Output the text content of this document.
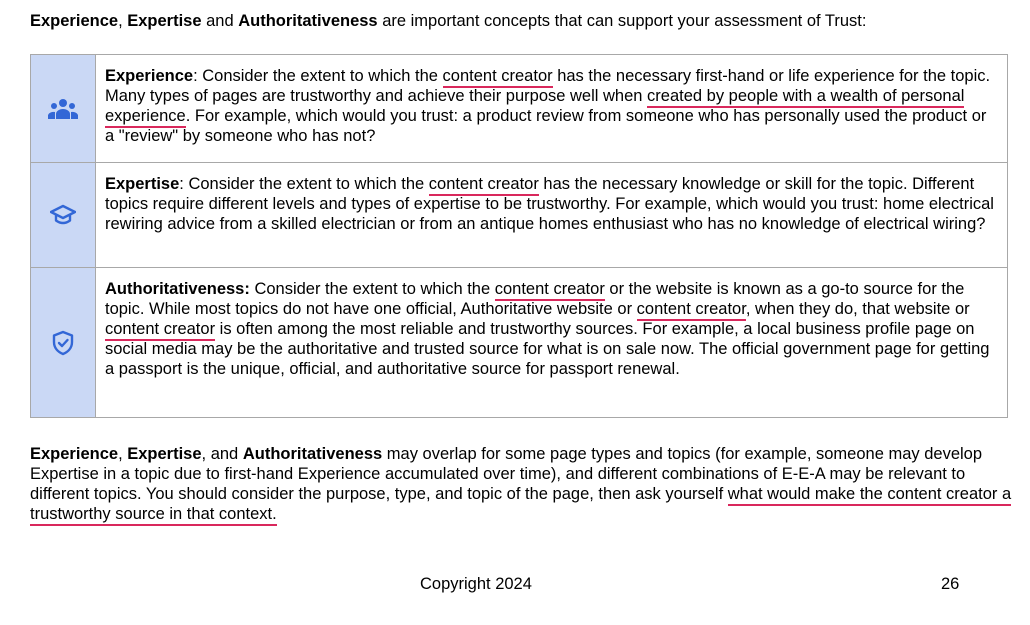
Experience, Expertise and Authoritativeness are important concepts that can support your assessment of Trust:

	Experience: Consider the extent to which the content creator has the necessary first-hand or life experience for the topic. Many types of pages are trustworthy and achieve their purpose well when created by people with a wealth of personal experience. For example, which would you trust: a product review from someone who has personally used the product or a "review" by someone who has not?

	Expertise: Consider the extent to which the content creator has the necessary knowledge or skill for the topic. Different topics require different levels and types of expertise to be trustworthy. For example, which would you trust: home electrical rewiring advice from a skilled electrician or from an antique homes enthusiast who has no knowledge of electrical wiring?

	Authoritativeness: Consider the extent to which the content creator or the website is known as a go-to source for the topic. While most topics do not have one official, Authoritative website or content creator, when they do, that website or content creator is often among the most reliable and trustworthy sources. For example, a local business profile page on social media may be the authoritative and trusted source for what is on sale now. The official government page for getting a passport is the unique, official, and authoritative source for passport renewal.

Experience, Expertise, and Authoritativeness may overlap for some page types and topics (for example, someone may develop Expertise in a topic due to first-hand Experience accumulated over time), and different combinations of E-E-A may be relevant to different topics. You should consider the purpose, type, and topic of the page, then ask yourself what would make the content creator a trustworthy source in that context.

Copyright 2024	26
